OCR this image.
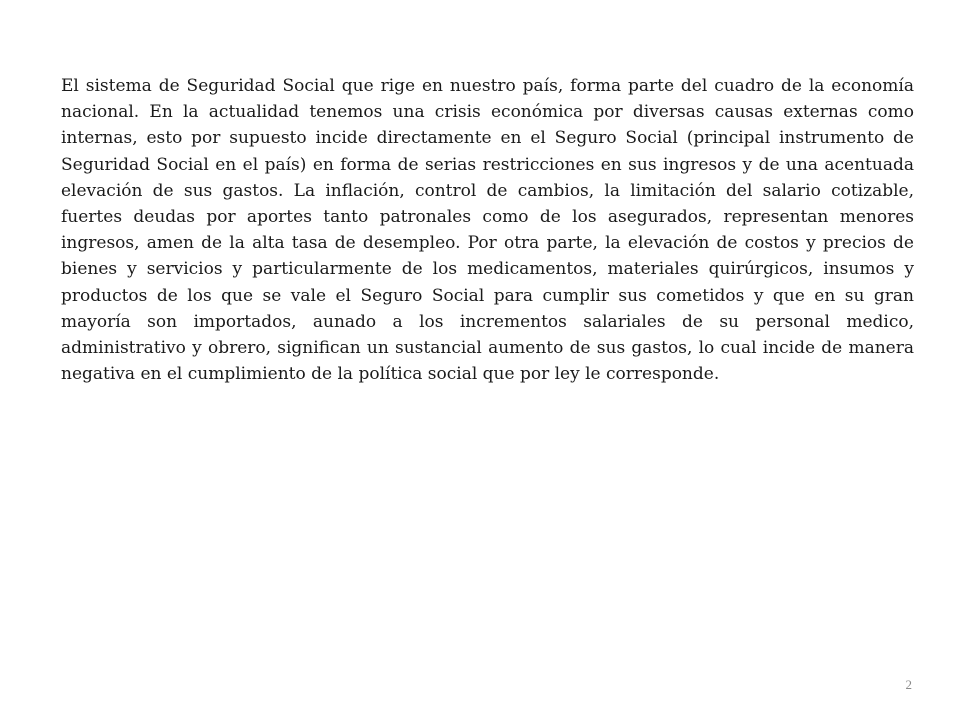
El sistema de Seguridad Social que rige en nuestro país, forma parte del cuadro de la economía nacional. En la actualidad tenemos una crisis económica por diversas causas externas como internas, esto por supuesto incide directamente en el Seguro Social (principal instrumento de Seguridad Social en el país) en forma de serias restricciones en sus ingresos y de una acentuada elevación de sus gastos. La inflación, control de cambios, la limitación del salario cotizable, fuertes deudas por aportes tanto patronales como de los asegurados, representan menores ingresos, amen de la alta tasa de desempleo. Por otra parte, la elevación de costos y precios de bienes y servicios y particularmente de los medicamentos, materiales quirúrgicos, insumos y productos de los que se vale el Seguro Social para cumplir sus cometidos y que en su gran mayoría son importados, aunado a los incrementos salariales de su personal medico, administrativo y obrero, significan un sustancial aumento de sus gastos, lo cual incide de manera negativa en el cumplimiento de la política social que por ley le corresponde.

2
